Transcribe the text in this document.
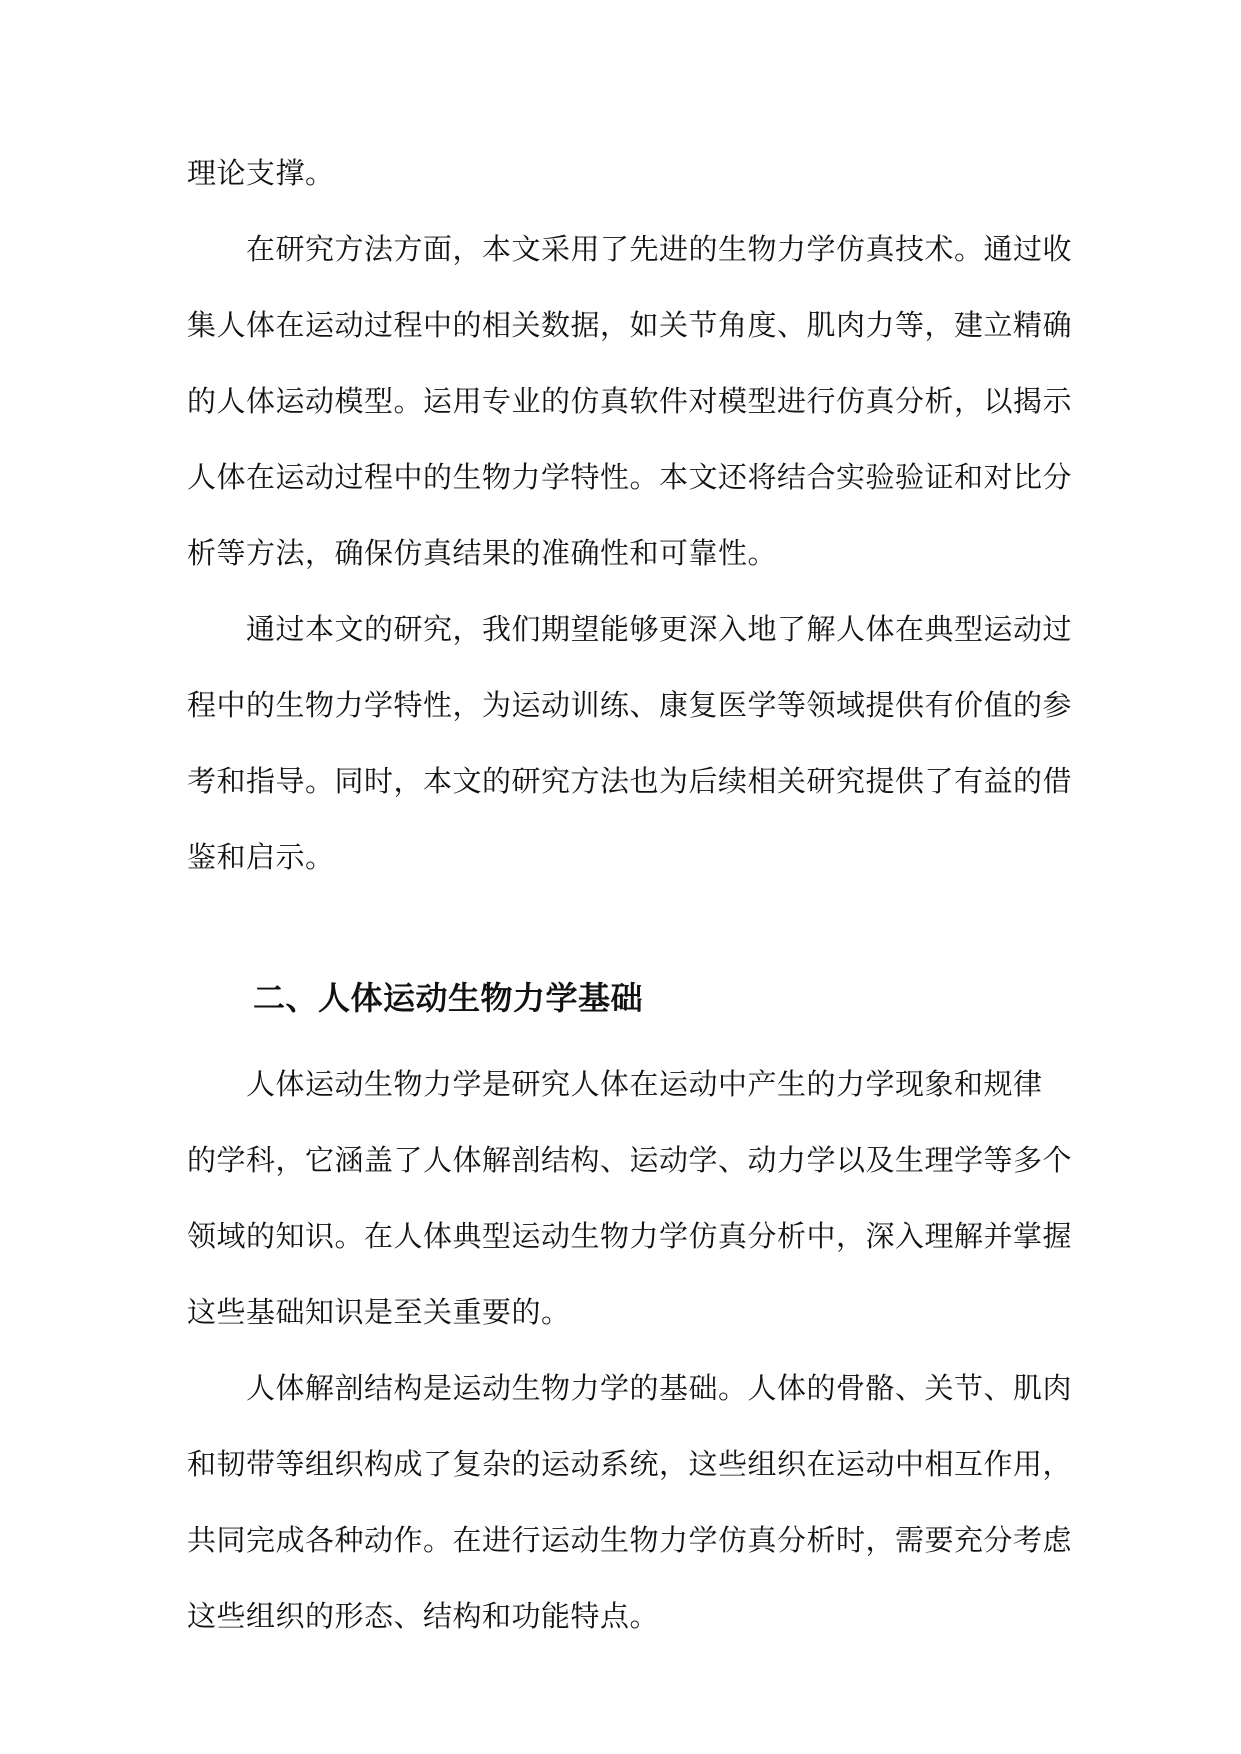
理论支撑。
在研究方法方面，本文采用了先进的生物力学仿真技术。通过收
集人体在运动过程中的相关数据，如关节角度、肌肉力等，建立精确
的人体运动模型。运用专业的仿真软件对模型进行仿真分析，以揭示
人体在运动过程中的生物力学特性。本文还将结合实验验证和对比分
析等方法，确保仿真结果的准确性和可靠性。
通过本文的研究，我们期望能够更深入地了解人体在典型运动过
程中的生物力学特性，为运动训练、康复医学等领域提供有价值的参
考和指导。同时，本文的研究方法也为后续相关研究提供了有益的借
鉴和启示。
二、人体运动生物力学基础
人体运动生物力学是研究人体在运动中产生的力学现象和规律
的学科，它涵盖了人体解剖结构、运动学、动力学以及生理学等多个
领域的知识。在人体典型运动生物力学仿真分析中，深入理解并掌握
这些基础知识是至关重要的。
人体解剖结构是运动生物力学的基础。人体的骨骼、关节、肌肉
和韧带等组织构成了复杂的运动系统，这些组织在运动中相互作用，
共同完成各种动作。在进行运动生物力学仿真分析时，需要充分考虑
这些组织的形态、结构和功能特点。
